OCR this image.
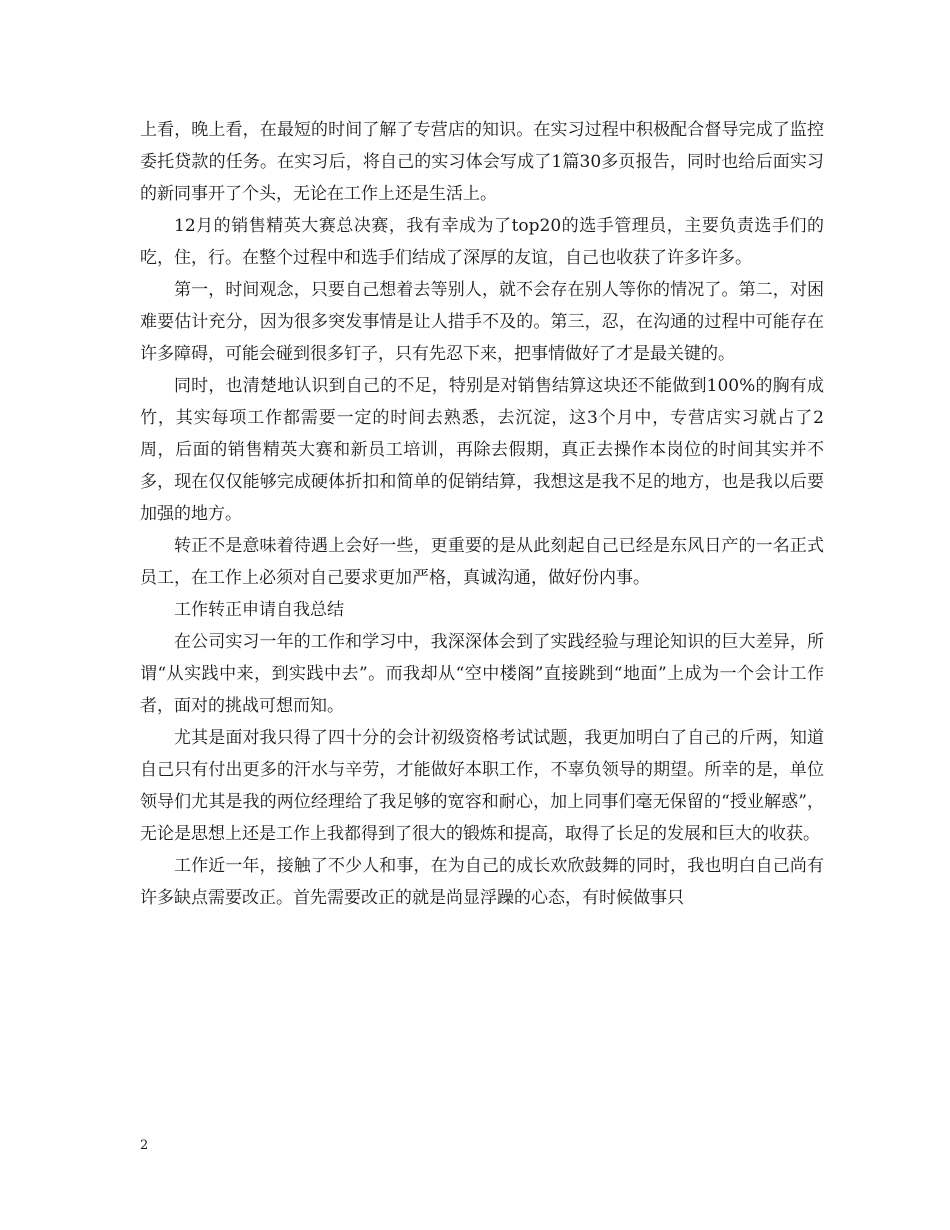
上看，晚上看，在最短的时间了解了专营店的知识。在实习过程中积极配合督导完成了监控委托贷款的任务。在实习后，将自己的实习体会写成了1篇30多页报告，同时也给后面实习的新同事开了个头，无论在工作上还是生活上。

12月的销售精英大赛总决赛，我有幸成为了top20的选手管理员，主要负责选手们的吃，住，行。在整个过程中和选手们结成了深厚的友谊，自己也收获了许多许多。

第一，时间观念，只要自己想着去等别人，就不会存在别人等你的情况了。第二，对困难要估计充分，因为很多突发事情是让人措手不及的。第三，忍，在沟通的过程中可能存在许多障碍，可能会碰到很多钉子，只有先忍下来，把事情做好了才是最关键的。

同时，也清楚地认识到自己的不足，特别是对销售结算这块还不能做到100%的胸有成竹，其实每项工作都需要一定的时间去熟悉，去沉淀，这3个月中，专营店实习就占了2周，后面的销售精英大赛和新员工培训，再除去假期，真正去操作本岗位的时间其实并不多，现在仅仅能够完成硬体折扣和简单的促销结算，我想这是我不足的地方，也是我以后要加强的地方。

转正不是意味着待遇上会好一些，更重要的是从此刻起自己已经是东风日产的一名正式员工，在工作上必须对自己要求更加严格，真诚沟通，做好份内事。

工作转正申请自我总结

在公司实习一年的工作和学习中，我深深体会到了实践经验与理论知识的巨大差异，所谓“从实践中来，到实践中去”。而我却从“空中楼阁”直接跳到“地面”上成为一个会计工作者，面对的挑战可想而知。

尤其是面对我只得了四十分的会计初级资格考试试题，我更加明白了自己的斤两，知道自己只有付出更多的汗水与辛劳，才能做好本职工作，不辜负领导的期望。所幸的是，单位领导们尤其是我的两位经理给了我足够的宽容和耐心，加上同事们毫无保留的“授业解惑”，无论是思想上还是工作上我都得到了很大的锻炼和提高，取得了长足的发展和巨大的收获。

工作近一年，接触了不少人和事，在为自己的成长欢欣鼓舞的同时，我也明白自己尚有许多缺点需要改正。首先需要改正的就是尚显浮躁的心态，有时候做事只

2
